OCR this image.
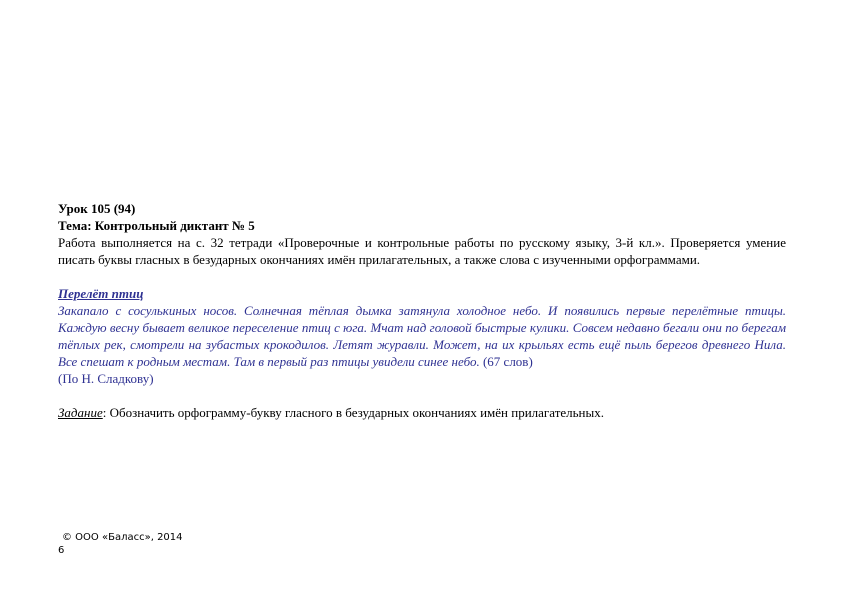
Урок 105 (94)
Тема: Контрольный диктант № 5

Работа выполняется на с. 32 тетради «Проверочные и контрольные работы по русскому языку, 3-й кл.». Проверяется умение писать буквы гласных в безударных окончаниях имён прилагательных, а также слова с изученными орфограммами.

Перелёт птиц

Закапало с сосулькиных носов. Солнечная тёплая дымка затянула холодное небо. И появились первые перелётные птицы. Каждую весну бывает великое переселение птиц с юга. Мчат над головой быстрые кулики. Совсем недавно бегали они по берегам тёплых рек, смотрели на зубастых крокодилов. Летят журавли. Может, на их крыльях есть ещё пыль берегов древнего Нила. Все спешат к родным местам. Там в первый раз птицы увидели синее небо. (67 слов)

(По Н. Сладкову)

Задание: Обозначить орфограмму-букву гласного в безударных окончаниях имён прилагательных.
© ООО «Баласс», 2014
6
